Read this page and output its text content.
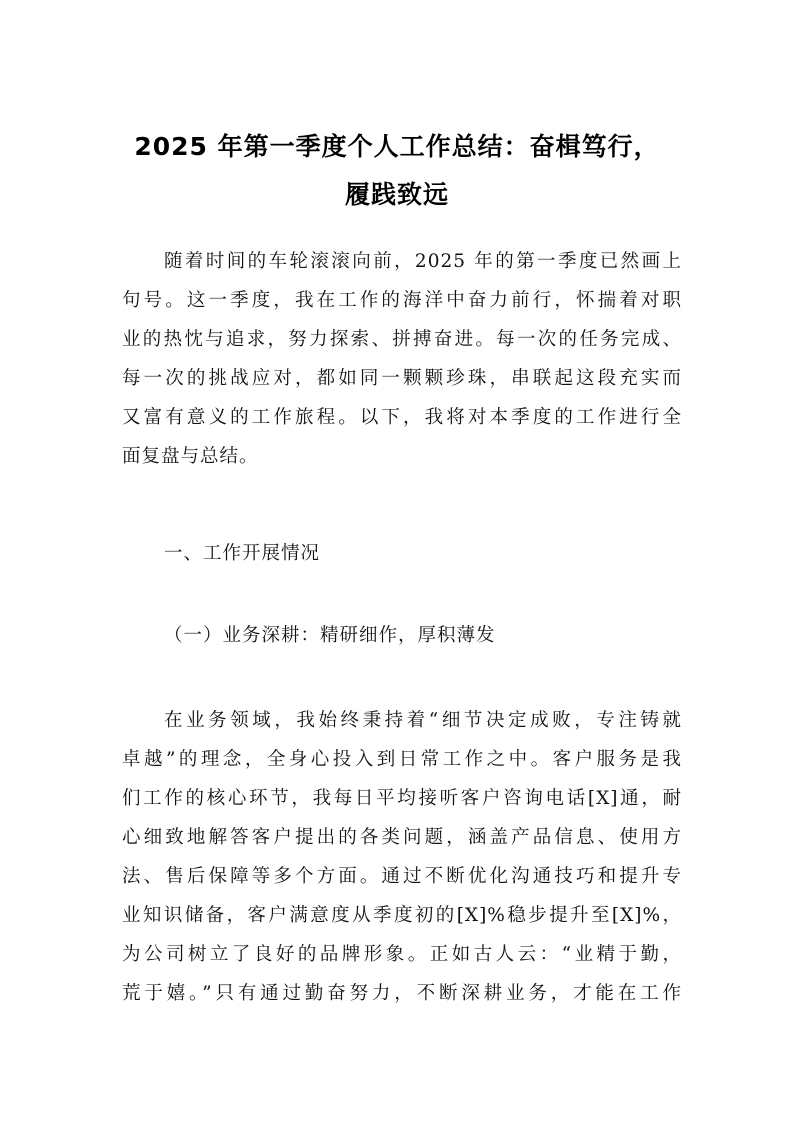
2025 年第一季度个人工作总结：奋楫笃行，
履践致远
随着时间的车轮滚滚向前，2025 年的第一季度已然画上
句号。这一季度，我在工作的海洋中奋力前行，怀揣着对职
业的热忱与追求，努力探索、拼搏奋进。每一次的任务完成、
每一次的挑战应对，都如同一颗颗珍珠，串联起这段充实而
又富有意义的工作旅程。以下，我将对本季度的工作进行全
面复盘与总结。
一、工作开展情况
（一）业务深耕：精研细作，厚积薄发
在业务领域，我始终秉持着“细节决定成败，专注铸就
卓越”的理念，全身心投入到日常工作之中。客户服务是我
们工作的核心环节，我每日平均接听客户咨询电话[X]通，耐
心细致地解答客户提出的各类问题，涵盖产品信息、使用方
法、售后保障等多个方面。通过不断优化沟通技巧和提升专
业知识储备，客户满意度从季度初的[X]%稳步提升至[X]%，
为公司树立了良好的品牌形象。正如古人云：“业精于勤，
荒于嬉。”只有通过勤奋努力，不断深耕业务，才能在工作
